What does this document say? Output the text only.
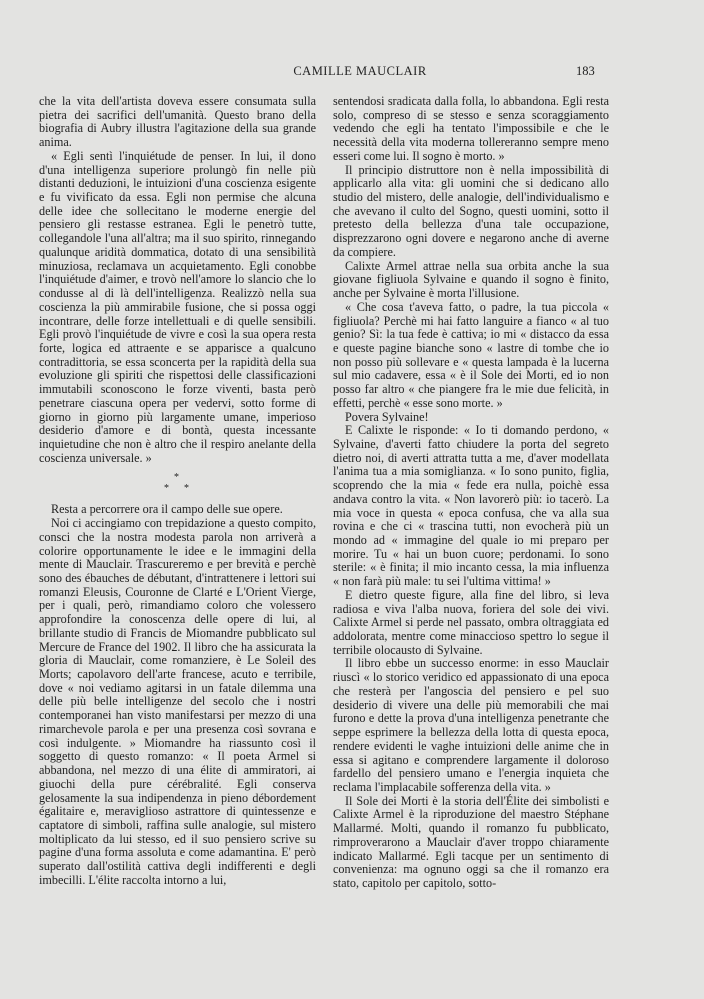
CAMILLE MAUCLAIR	183

che la vita dell'artista doveva essere consumata sulla pietra dei sacrifici dell'umanità. Questo brano della biografia di Aubry illustra l'agitazione della sua grande anima.

« Egli sentì l'inquiétude de penser. In lui, il dono d'una intelligenza superiore prolungò fin nelle più distanti deduzioni, le intuizioni d'una coscienza esigente e fu vivificato da essa. Egli non permise che alcuna delle idee che sollecitano le moderne energie del pensiero gli restasse estranea. Egli le penetrò tutte, collegandole l'una all'altra; ma il suo spirito, rinnegando qualunque aridità dommatica, dotato di una sensibilità minuziosa, reclamava un acquietamento. Egli conobbe l'inquiétude d'aimer, e trovò nell'amore lo slancio che lo condusse al di là dell'intelligenza. Realizzò nella sua coscienza la più ammirabile fusione, che si possa oggi incontrare, delle forze intellettuali e di quelle sensibili. Egli provò l'inquiétude de vivre e così la sua opera resta forte, logica ed attraente e se apparisce a qualcuno contradittoria, se essa sconcerta per la rapidità della sua evoluzione gli spiriti che rispettosi delle classificazioni immutabili sconoscono le forze viventi, basta però penetrare ciascuna opera per vedervi, sotto forme di giorno in giorno più largamente umane, imperioso desiderio d'amore e di bontà, questa incessante inquietudine che non è altro che il respiro anelante della coscienza universale. »

*
* *

Resta a percorrere ora il campo delle sue opere.

Noi ci accingiamo con trepidazione a questo compito, consci che la nostra modesta parola non arriverà a colorire opportunamente le idee e le immagini della mente di Mauclair. Trascureremo e per brevità e perchè sono des ébauches de débutant, d'intrattenere i lettori sui romanzi Eleusis, Couronne de Clarté e L'Orient Vierge, per i quali, però, rimandiamo coloro che volessero approfondire la conoscenza delle opere di lui, al brillante studio di Francis de Miomandre pubblicato sul Mercure de France del 1902. Il libro che ha assicurata la gloria di Mauclair, come romanziere, è Le Soleil des Morts; capolavoro dell'arte francese, acuto e terribile, dove « noi vediamo agitarsi in un fatale dilemma una delle più belle intelligenze del secolo che i nostri contemporanei han visto manifestarsi per mezzo di una rimarchevole parola e per una presenza così sovrana e così indulgente. » Miomandre ha riassunto così il soggetto di questo romanzo: « Il poeta Armel si abbandona, nel mezzo di una élite di ammiratori, ai giuochi della pure cérébralité. Egli conserva gelosamente la sua indipendenza in pieno débordement égalitaire e, meraviglioso astrattore di quintessenze e captatore di simboli, raffina sulle analogie, sul mistero moltiplicato da lui stesso, ed il suo pensiero scrive su pagine d'una forma assoluta e come adamantina. E' però superato dall'ostilità cattiva degli indifferenti e degli imbecilli. L'élite raccolta intorno a lui,

sentendosi sradicata dalla folla, lo abbandona. Egli resta solo, compreso di se stesso e senza scoraggiamento vedendo che egli ha tentato l'impossibile e che le necessità della vita moderna tollereranno sempre meno esseri come lui. Il sogno è morto. »

Il principio distruttore non è nella impossibilità di applicarlo alla vita: gli uomini che si dedicano allo studio del mistero, delle analogie, dell'individualismo e che avevano il culto del Sogno, questi uomini, sotto il pretesto della bellezza d'una tale occupazione, disprezzarono ogni dovere e negarono anche di averne da compiere.

Calixte Armel attrae nella sua orbita anche la sua giovane figliuola Sylvaine e quando il sogno è finito, anche per Sylvaine è morta l'illusione.

« Che cosa t'aveva fatto, o padre, la tua piccola « figliuola? Perchè mi hai fatto languire a fianco « al tuo genio? Sì: la tua fede è cattiva; io mi « distacco da essa e queste pagine bianche sono « lastre di tombe che io non posso più sollevare e « questa lampada è la lucerna sul mio cadavere, essa « è il Sole dei Morti, ed io non posso far altro « che piangere fra le mie due felicità, in effetti, perchè « esse sono morte. »

Povera Sylvaine!

E Calixte le risponde: « Io ti domando perdono, « Sylvaine, d'averti fatto chiudere la porta del segreto dietro noi, di averti attratta tutta a me, d'aver modellata l'anima tua a mia somiglianza. « Io sono punito, figlia, scoprendo che la mia « fede era nulla, poichè essa andava contro la vita. « Non lavorerò più: io tacerò. La mia voce in questa « epoca confusa, che va alla sua rovina e che ci « trascina tutti, non evocherà più un mondo ad « immagine del quale io mi preparo per morire. Tu « hai un buon cuore; perdonami. Io sono sterile: « è finita; il mio incanto cessa, la mia influenza « non farà più male: tu sei l'ultima vittima! »

E dietro queste figure, alla fine del libro, si leva radiosa e viva l'alba nuova, foriera del sole dei vivi. Calixte Armel si perde nel passato, ombra oltraggiata ed addolorata, mentre come minaccioso spettro lo segue il terribile olocausto di Sylvaine.

Il libro ebbe un successo enorme: in esso Mauclair riuscì « lo storico veridico ed appassionato di una epoca che resterà per l'angoscia del pensiero e pel suo desiderio di vivere una delle più memorabili che mai furono e dette la prova d'una intelligenza penetrante che seppe esprimere la bellezza della lotta di questa epoca, rendere evidenti le vaghe intuizioni delle anime che in essa si agitano e comprendere largamente il doloroso fardello del pensiero umano e l'energia inquieta che reclama l'implacabile sofferenza della vita. »

Il Sole dei Morti è la storia dell'Élite dei simbolisti e Calixte Armel è la riproduzione del maestro Stéphane Mallarmé. Molti, quando il romanzo fu pubblicato, rimproverarono a Mauclair d'aver troppo chiaramente indicato Mallarmé. Egli tacque per un sentimento di convenienza: ma ognuno oggi sa che il romanzo era stato, capitolo per capitolo, sotto-
